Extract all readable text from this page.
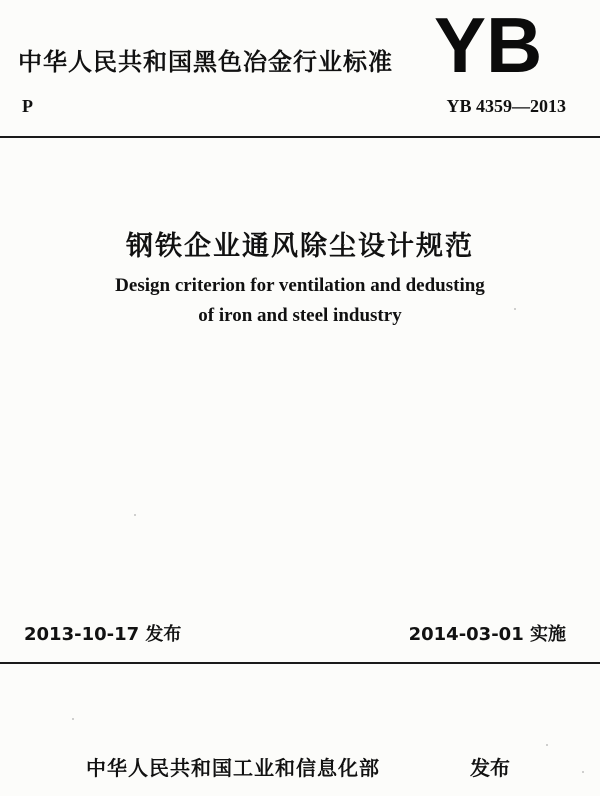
中华人民共和国黑色冶金行业标准 YB
P	YB 4359—2013
钢铁企业通风除尘设计规范
Design criterion for ventilation and dedusting
of iron and steel industry
2013-10-17 发布	2014-03-01 实施
中华人民共和国工业和信息化部	发布
